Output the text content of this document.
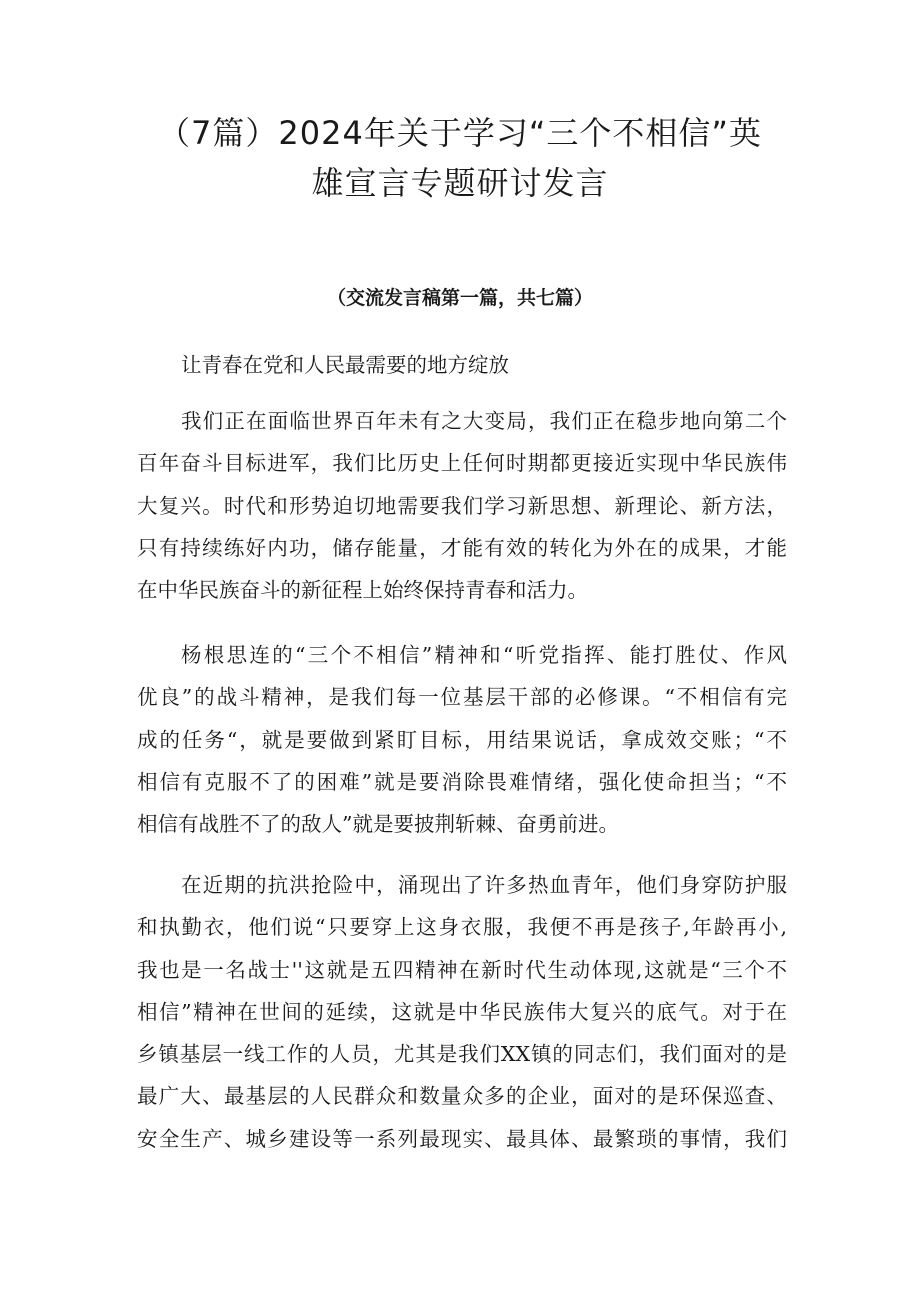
（7篇）2024年关于学习“三个不相信”英
雄宣言专题研讨发言
（交流发言稿第一篇，共七篇）
让青春在党和人民最需要的地方绽放
我们正在面临世界百年未有之大变局，我们正在稳步地向第二个
百年奋斗目标进军，我们比历史上任何时期都更接近实现中华民族伟
大复兴。时代和形势迫切地需要我们学习新思想、新理论、新方法，
只有持续练好内功，储存能量，才能有效的转化为外在的成果，才能
在中华民族奋斗的新征程上始终保持青春和活力。
杨根思连的“三个不相信”精神和“听党指挥、能打胜仗、作风
优良”的战斗精神，是我们每一位基层干部的必修课。“不相信有完
成的任务“，就是要做到紧盯目标，用结果说话，拿成效交账；“不
相信有克服不了的困难”就是要消除畏难情绪，强化使命担当；“不
相信有战胜不了的敌人”就是要披荆斩棘、奋勇前进。
在近期的抗洪抢险中，涌现出了许多热血青年，他们身穿防护服
和执勤衣，他们说“只要穿上这身衣服，我便不再是孩子,年龄再小,
我也是一名战士''这就是五四精神在新时代生动体现,这就是“三个不
相信”精神在世间的延续，这就是中华民族伟大复兴的底气。对于在
乡镇基层一线工作的人员，尤其是我们XX镇的同志们，我们面对的是
最广大、最基层的人民群众和数量众多的企业，面对的是环保巡查、
安全生产、城乡建设等一系列最现实、最具体、最繁琐的事情，我们
